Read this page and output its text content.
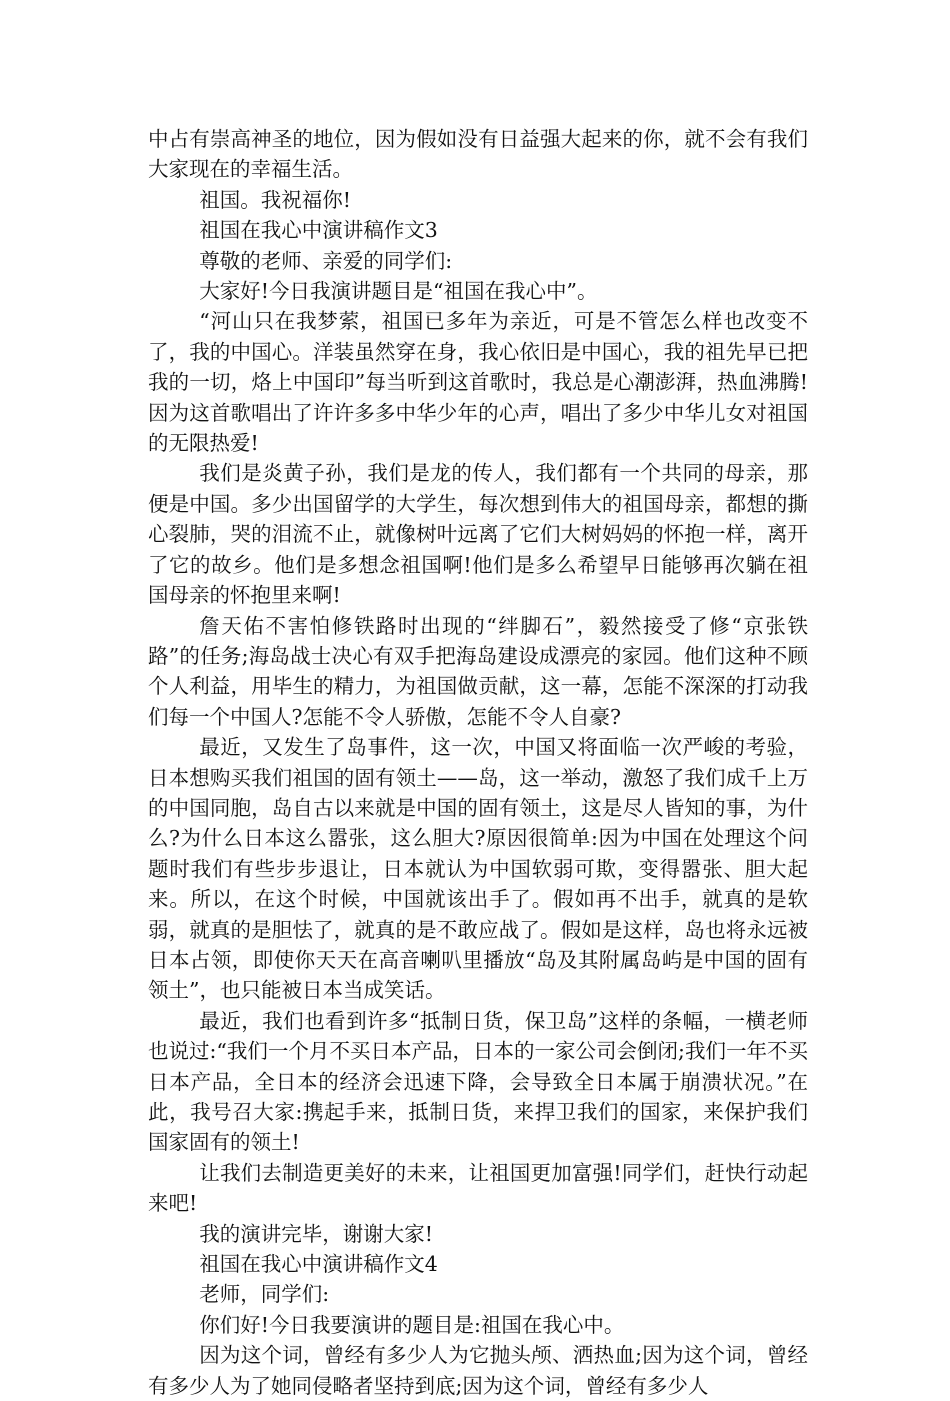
中占有崇高神圣的地位，因为假如没有日益强大起来的你，就不会有我们大家现在的幸福生活。

祖国。我祝福你!

祖国在我心中演讲稿作文3

尊敬的老师、亲爱的同学们:

大家好!今日我演讲题目是“祖国在我心中”。

“河山只在我梦萦，祖国已多年为亲近，可是不管怎么样也改变不了，我的中国心。洋装虽然穿在身，我心依旧是中国心，我的祖先早已把我的一切，烙上中国印”每当听到这首歌时，我总是心潮澎湃，热血沸腾!因为这首歌唱出了许许多多中华少年的心声，唱出了多少中华儿女对祖国的无限热爱!

我们是炎黄子孙，我们是龙的传人，我们都有一个共同的母亲，那便是中国。多少出国留学的大学生，每次想到伟大的祖国母亲，都想的撕心裂肺，哭的泪流不止，就像树叶远离了它们大树妈妈的怀抱一样，离开了它的故乡。他们是多想念祖国啊!他们是多么希望早日能够再次躺在祖国母亲的怀抱里来啊!

詹天佑不害怕修铁路时出现的“绊脚石”，毅然接受了修“京张铁路”的任务;海岛战士决心有双手把海岛建设成漂亮的家园。他们这种不顾个人利益，用毕生的精力，为祖国做贡献，这一幕，怎能不深深的打动我们每一个中国人?怎能不令人骄傲，怎能不令人自豪?

最近，又发生了岛事件，这一次，中国又将面临一次严峻的考验，日本想购买我们祖国的固有领土——岛，这一举动，激怒了我们成千上万的中国同胞，岛自古以来就是中国的固有领土，这是尽人皆知的事，为什么?为什么日本这么嚣张，这么胆大?原因很简单:因为中国在处理这个问题时我们有些步步退让，日本就认为中国软弱可欺，变得嚣张、胆大起来。所以，在这个时候，中国就该出手了。假如再不出手，就真的是软弱，就真的是胆怯了，就真的是不敢应战了。假如是这样，岛也将永远被日本占领，即使你天天在高音喇叭里播放“岛及其附属岛屿是中国的固有领土”，也只能被日本当成笑话。

最近，我们也看到许多“抵制日货，保卫岛”这样的条幅，一横老师也说过:“我们一个月不买日本产品，日本的一家公司会倒闭;我们一年不买日本产品，全日本的经济会迅速下降，会导致全日本属于崩溃状况。”在此，我号召大家:携起手来，抵制日货，来捍卫我们的国家，来保护我们国家固有的领土!

让我们去制造更美好的未来，让祖国更加富强!同学们，赶快行动起来吧!

我的演讲完毕，谢谢大家!

祖国在我心中演讲稿作文4

老师，同学们:

你们好!今日我要演讲的题目是:祖国在我心中。

因为这个词，曾经有多少人为它抛头颅、洒热血;因为这个词，曾经有多少人为了她同侵略者坚持到底;因为这个词，曾经有多少人
